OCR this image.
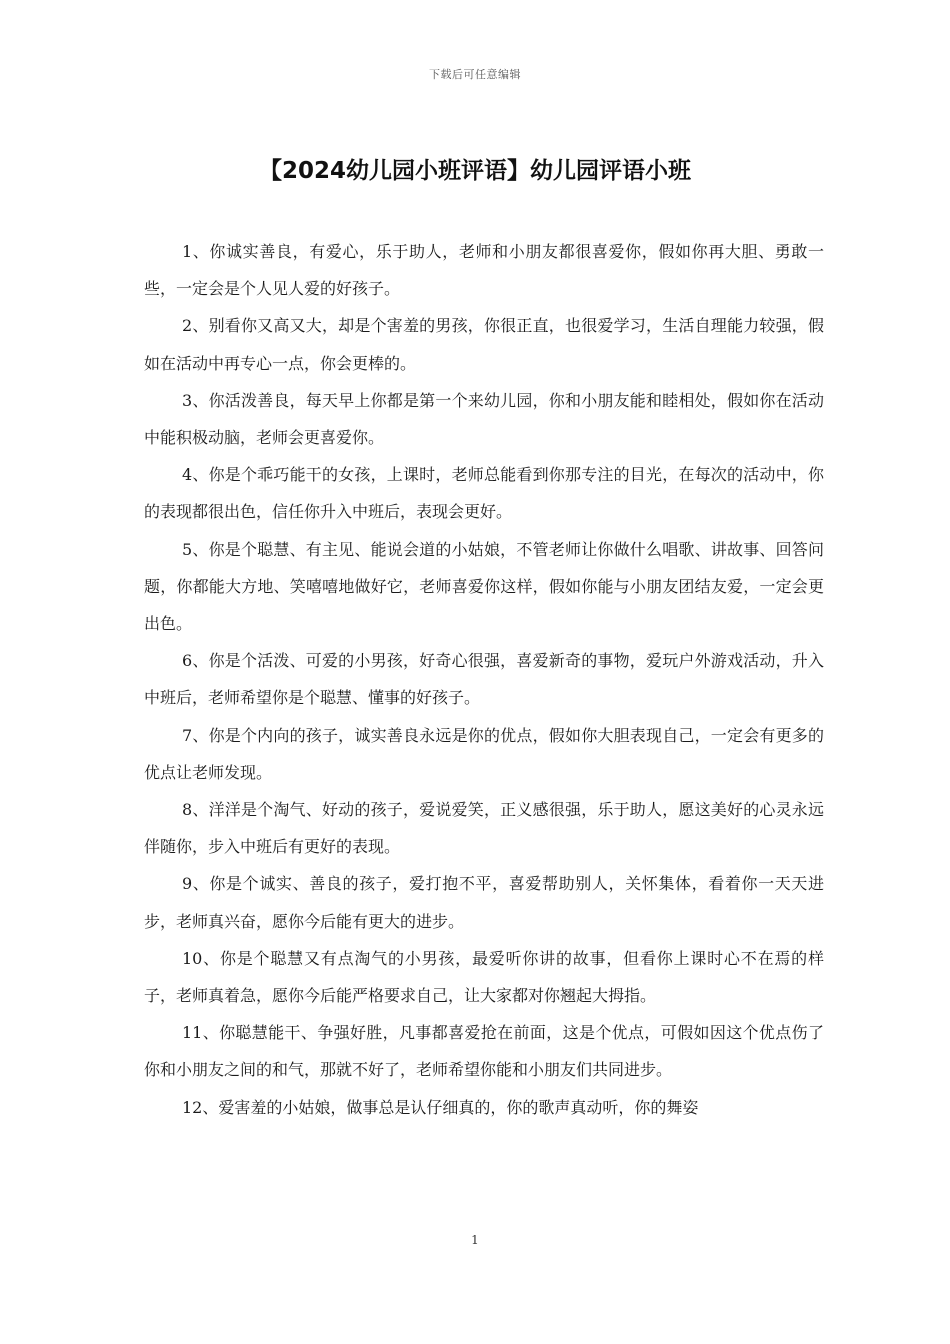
下载后可任意编辑
【2024幼儿园小班评语】幼儿园评语小班

1、你诚实善良，有爱心，乐于助人，老师和小朋友都很喜爱你，假如你再大胆、勇敢一些，一定会是个人见人爱的好孩子。

2、别看你又高又大，却是个害羞的男孩，你很正直，也很爱学习，生活自理能力较强，假如在活动中再专心一点，你会更棒的。

3、你活泼善良，每天早上你都是第一个来幼儿园，你和小朋友能和睦相处，假如你在活动中能积极动脑，老师会更喜爱你。

4、你是个乖巧能干的女孩，上课时，老师总能看到你那专注的目光，在每次的活动中，你的表现都很出色，信任你升入中班后，表现会更好。

5、你是个聪慧、有主见、能说会道的小姑娘，不管老师让你做什么唱歌、讲故事、回答问题，你都能大方地、笑嘻嘻地做好它，老师喜爱你这样，假如你能与小朋友团结友爱，一定会更出色。

6、你是个活泼、可爱的小男孩，好奇心很强，喜爱新奇的事物，爱玩户外游戏活动，升入中班后，老师希望你是个聪慧、懂事的好孩子。

7、你是个内向的孩子，诚实善良永远是你的优点，假如你大胆表现自己，一定会有更多的优点让老师发现。

8、洋洋是个淘气、好动的孩子，爱说爱笑，正义感很强，乐于助人，愿这美好的心灵永远伴随你，步入中班后有更好的表现。

9、你是个诚实、善良的孩子，爱打抱不平，喜爱帮助别人，关怀集体，看着你一天天进步，老师真兴奋，愿你今后能有更大的进步。

10、你是个聪慧又有点淘气的小男孩，最爱听你讲的故事，但看你上课时心不在焉的样子，老师真着急，愿你今后能严格要求自己，让大家都对你翘起大拇指。

11、你聪慧能干、争强好胜，凡事都喜爱抢在前面，这是个优点，可假如因这个优点伤了你和小朋友之间的和气，那就不好了，老师希望你能和小朋友们共同进步。

12、爱害羞的小姑娘，做事总是认仔细真的，你的歌声真动听，你的舞姿

1
